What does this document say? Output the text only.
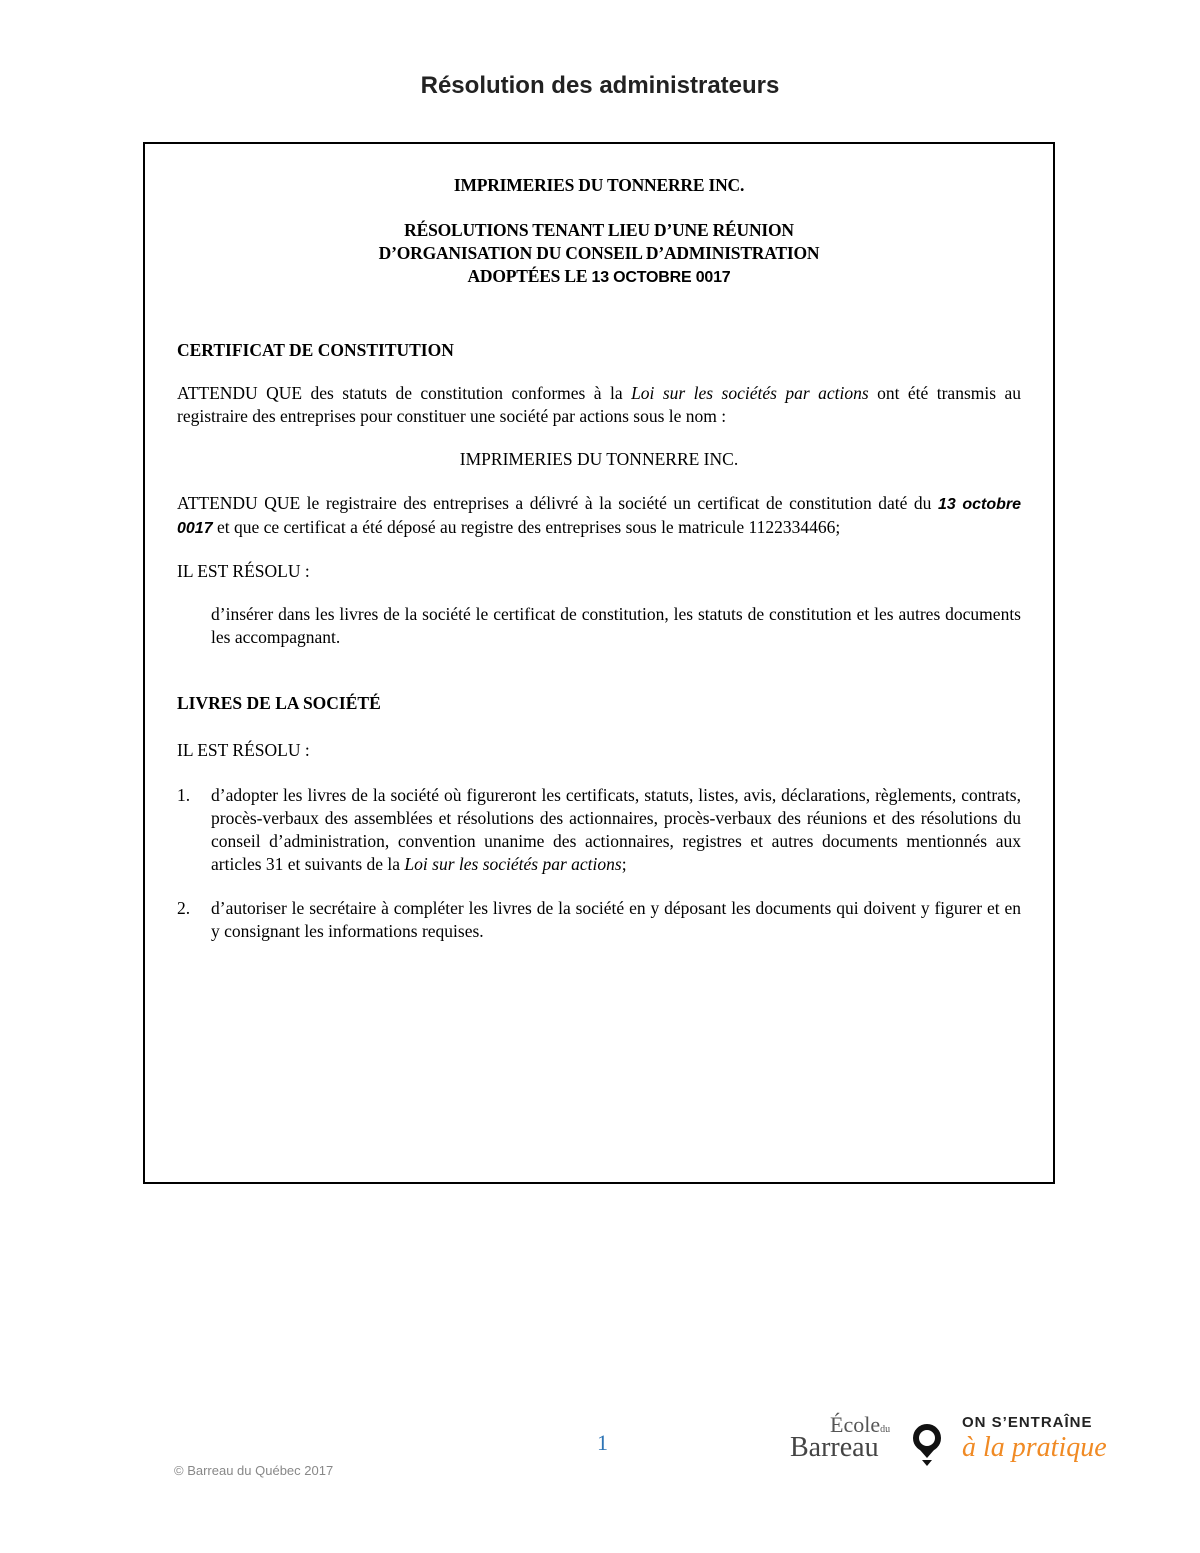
Résolution des administrateurs

IMPRIMERIES DU TONNERRE INC.

RÉSOLUTIONS TENANT LIEU D’UNE RÉUNION

D’ORGANISATION DU CONSEIL D’ADMINISTRATION

ADOPTÉES LE 13 OCTOBRE 0017

CERTIFICAT DE CONSTITUTION

ATTENDU QUE des statuts de constitution conformes à la Loi sur les sociétés par actions ont été transmis au registraire des entreprises pour constituer une société par actions sous le nom :

IMPRIMERIES DU TONNERRE INC.

ATTENDU QUE le registraire des entreprises a délivré à la société un certificat de constitution daté du 13 octobre 0017 et que ce certificat a été déposé au registre des entreprises sous le matricule 1122334466;

IL EST RÉSOLU :

d’insérer dans les livres de la société le certificat de constitution, les statuts de constitution et les autres documents les accompagnant.

LIVRES DE LA SOCIÉTÉ

IL EST RÉSOLU :

1.	d’adopter les livres de la société où figureront les certificats, statuts, listes, avis, déclarations, règlements, contrats, procès-verbaux des assemblées et résolutions des actionnaires, procès-verbaux des réunions et des résolutions du conseil d’administration, convention unanime des actionnaires, registres et autres documents mentionnés aux articles 31 et suivants de la Loi sur les sociétés par actions;

2.	d’autoriser le secrétaire à compléter les livres de la société en y déposant les documents qui doivent y figurer et en y consignant les informations requises.

1
© Barreau du Québec 2017
Écoledu
Barreau
ON S’ENTRAÎNE
à la pratique
